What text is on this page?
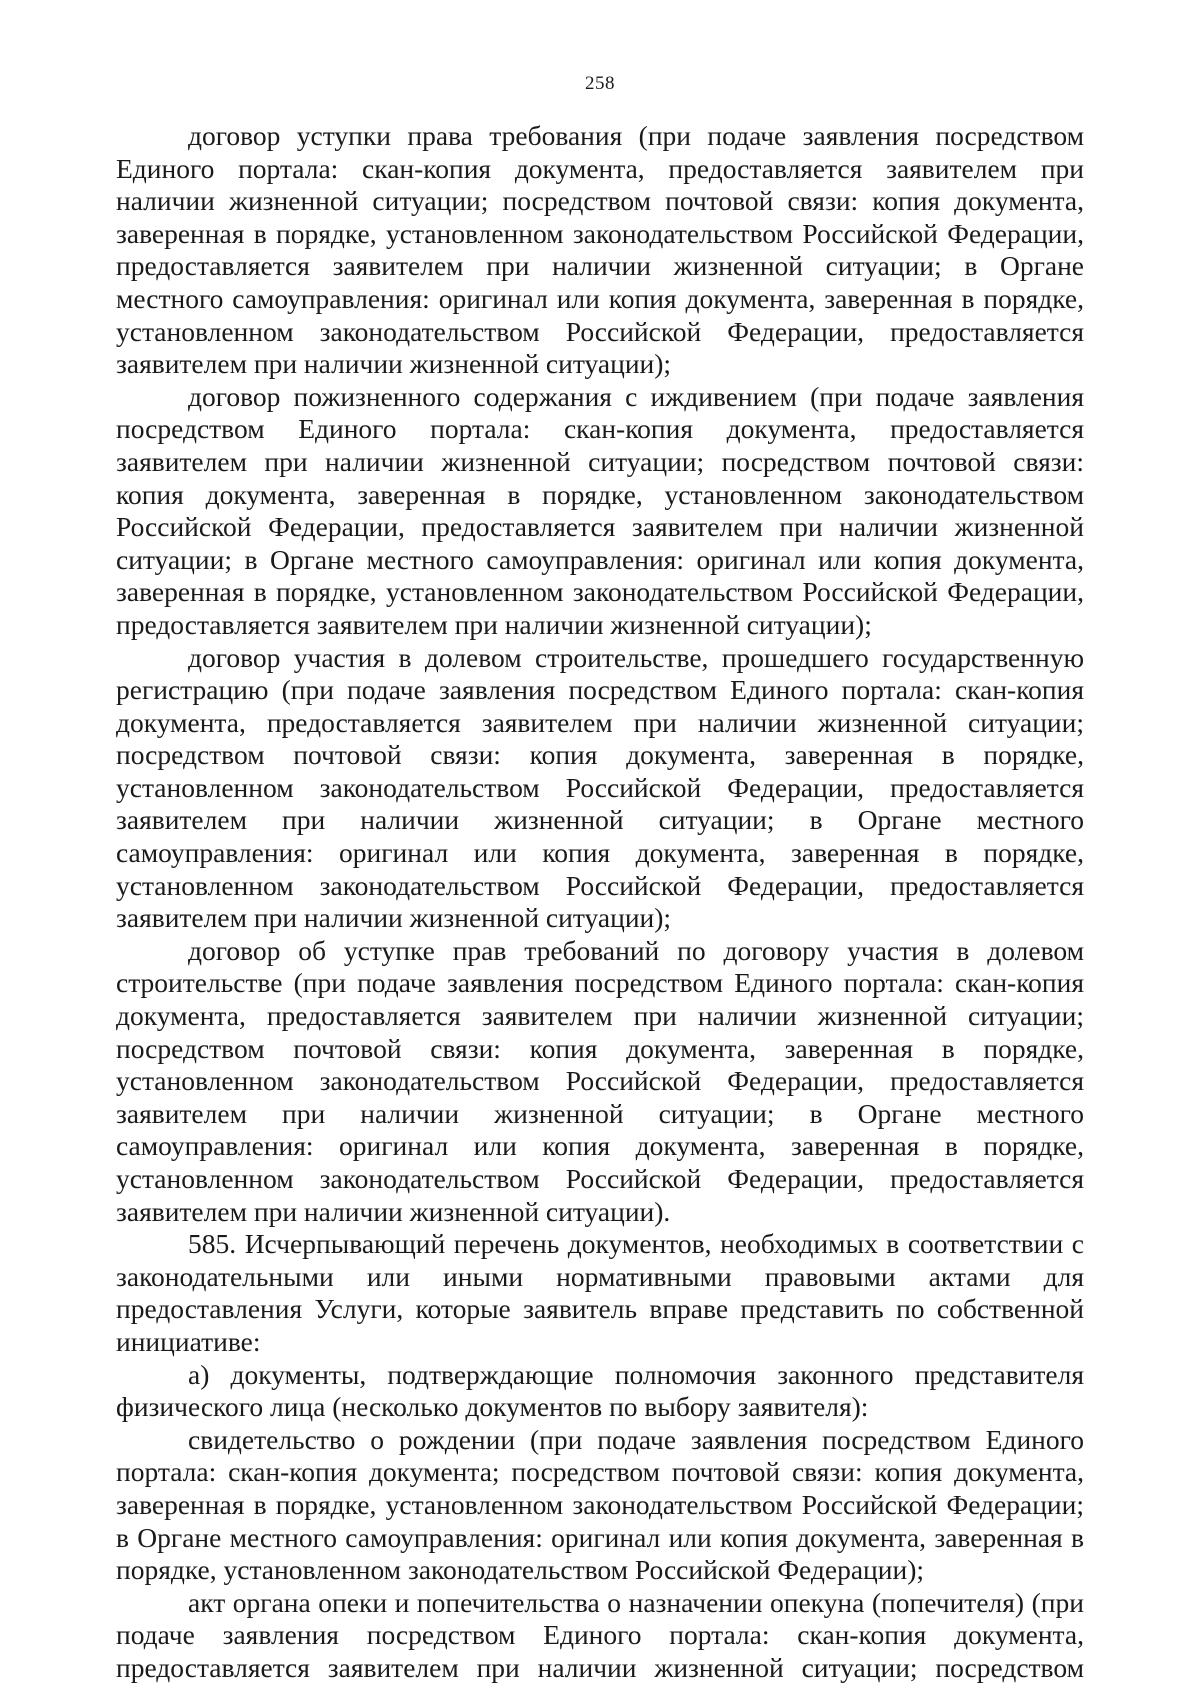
258

договор уступки права требования (при подаче заявления посредством Единого портала: скан-копия документа, предоставляется заявителем при наличии жизненной ситуации; посредством почтовой связи: копия документа, заверенная в порядке, установленном законодательством Российской Федерации, предоставляется заявителем при наличии жизненной ситуации; в Органе местного самоуправления: оригинал или копия документа, заверенная в порядке, установленном законодательством Российской Федерации, предоставляется заявителем при наличии жизненной ситуации);

договор пожизненного содержания с иждивением (при подаче заявления посредством Единого портала: скан-копия документа, предоставляется заявителем при наличии жизненной ситуации; посредством почтовой связи: копия документа, заверенная в порядке, установленном законодательством Российской Федерации, предоставляется заявителем при наличии жизненной ситуации; в Органе местного самоуправления: оригинал или копия документа, заверенная в порядке, установленном законодательством Российской Федерации, предоставляется заявителем при наличии жизненной ситуации);

договор участия в долевом строительстве, прошедшего государственную регистрацию (при подаче заявления посредством Единого портала: скан-копия документа, предоставляется заявителем при наличии жизненной ситуации; посредством почтовой связи: копия документа, заверенная в порядке, установленном законодательством Российской Федерации, предоставляется заявителем при наличии жизненной ситуации; в Органе местного самоуправления: оригинал или копия документа, заверенная в порядке, установленном законодательством Российской Федерации, предоставляется заявителем при наличии жизненной ситуации);

договор об уступке прав требований по договору участия в долевом строительстве (при подаче заявления посредством Единого портала: скан-копия документа, предоставляется заявителем при наличии жизненной ситуации; посредством почтовой связи: копия документа, заверенная в порядке, установленном законодательством Российской Федерации, предоставляется заявителем при наличии жизненной ситуации; в Органе местного самоуправления: оригинал или копия документа, заверенная в порядке, установленном законодательством Российской Федерации, предоставляется заявителем при наличии жизненной ситуации).

585. Исчерпывающий перечень документов, необходимых в соответствии с законодательными или иными нормативными правовыми актами для предоставления Услуги, которые заявитель вправе представить по собственной инициативе:

а) документы, подтверждающие полномочия законного представителя физического лица (несколько документов по выбору заявителя):

свидетельство о рождении (при подаче заявления посредством Единого портала: скан-копия документа; посредством почтовой связи: копия документа, заверенная в порядке, установленном законодательством Российской Федерации; в Органе местного самоуправления: оригинал или копия документа, заверенная в порядке, установленном законодательством Российской Федерации);

акт органа опеки и попечительства о назначении опекуна (попечителя) (при подаче заявления посредством Единого портала: скан-копия документа, предоставляется заявителем при наличии жизненной ситуации; посредством
